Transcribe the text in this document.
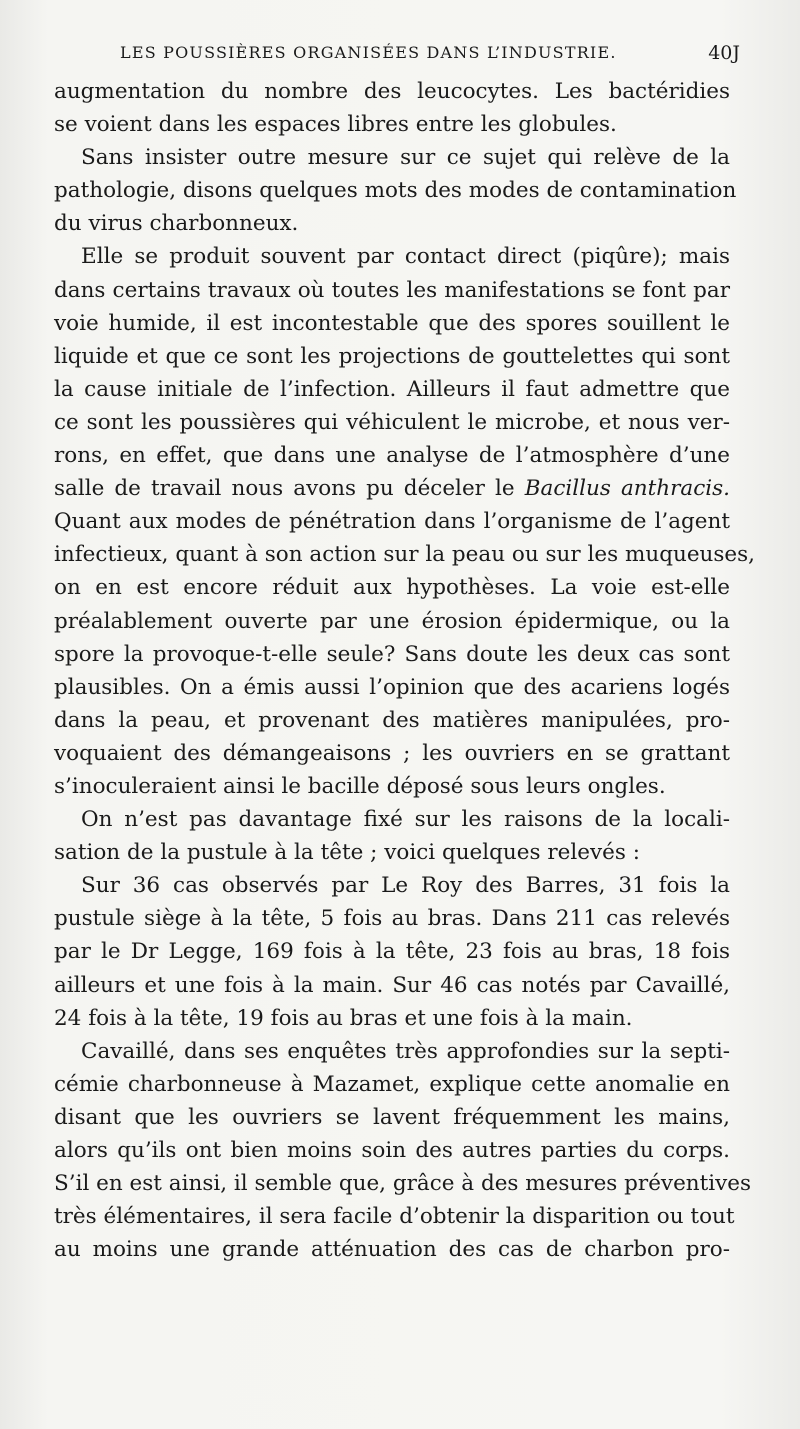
LES POUSSIÈRES ORGANISÉES DANS L’INDUSTRIE.	40J
augmentation du nombre des leucocytes. Les bactéridies
se voient dans les espaces libres entre les globules.
Sans insister outre mesure sur ce sujet qui relève de la
pathologie, disons quelques mots des modes de contamination
du virus charbonneux.
Elle se produit souvent par contact direct (piqûre); mais
dans certains travaux où toutes les manifestations se font par
voie humide, il est incontestable que des spores souillent le
liquide et que ce sont les projections de gouttelettes qui sont
la cause initiale de l’infection. Ailleurs il faut admettre que
ce sont les poussières qui véhiculent le microbe, et nous ver-
rons, en effet, que dans une analyse de l’atmosphère d’une
salle de travail nous avons pu déceler le Bacillus anthracis.
Quant aux modes de pénétration dans l’organisme de l’agent
infectieux, quant à son action sur la peau ou sur les muqueuses,
on en est encore réduit aux hypothèses. La voie est-elle
préalablement ouverte par une érosion épidermique, ou la
spore la provoque-t-elle seule? Sans doute les deux cas sont
plausibles. On a émis aussi l’opinion que des acariens logés
dans la peau, et provenant des matières manipulées, pro-
voquaient des démangeaisons ; les ouvriers en se grattant
s’inoculeraient ainsi le bacille déposé sous leurs ongles.
On n’est pas davantage fixé sur les raisons de la locali-
sation de la pustule à la tête ; voici quelques relevés :
Sur 36 cas observés par Le Roy des Barres, 31 fois la
pustule siège à la tête, 5 fois au bras. Dans 211 cas relevés
par le Dr Legge, 169 fois à la tête, 23 fois au bras, 18 fois
ailleurs et une fois à la main. Sur 46 cas notés par Cavaillé,
24 fois à la tête, 19 fois au bras et une fois à la main.
Cavaillé, dans ses enquêtes très approfondies sur la septi-
cémie charbonneuse à Mazamet, explique cette anomalie en
disant que les ouvriers se lavent fréquemment les mains,
alors qu’ils ont bien moins soin des autres parties du corps.
S’il en est ainsi, il semble que, grâce à des mesures préventives
très élémentaires, il sera facile d’obtenir la disparition ou tout
au moins une grande atténuation des cas de charbon pro-
